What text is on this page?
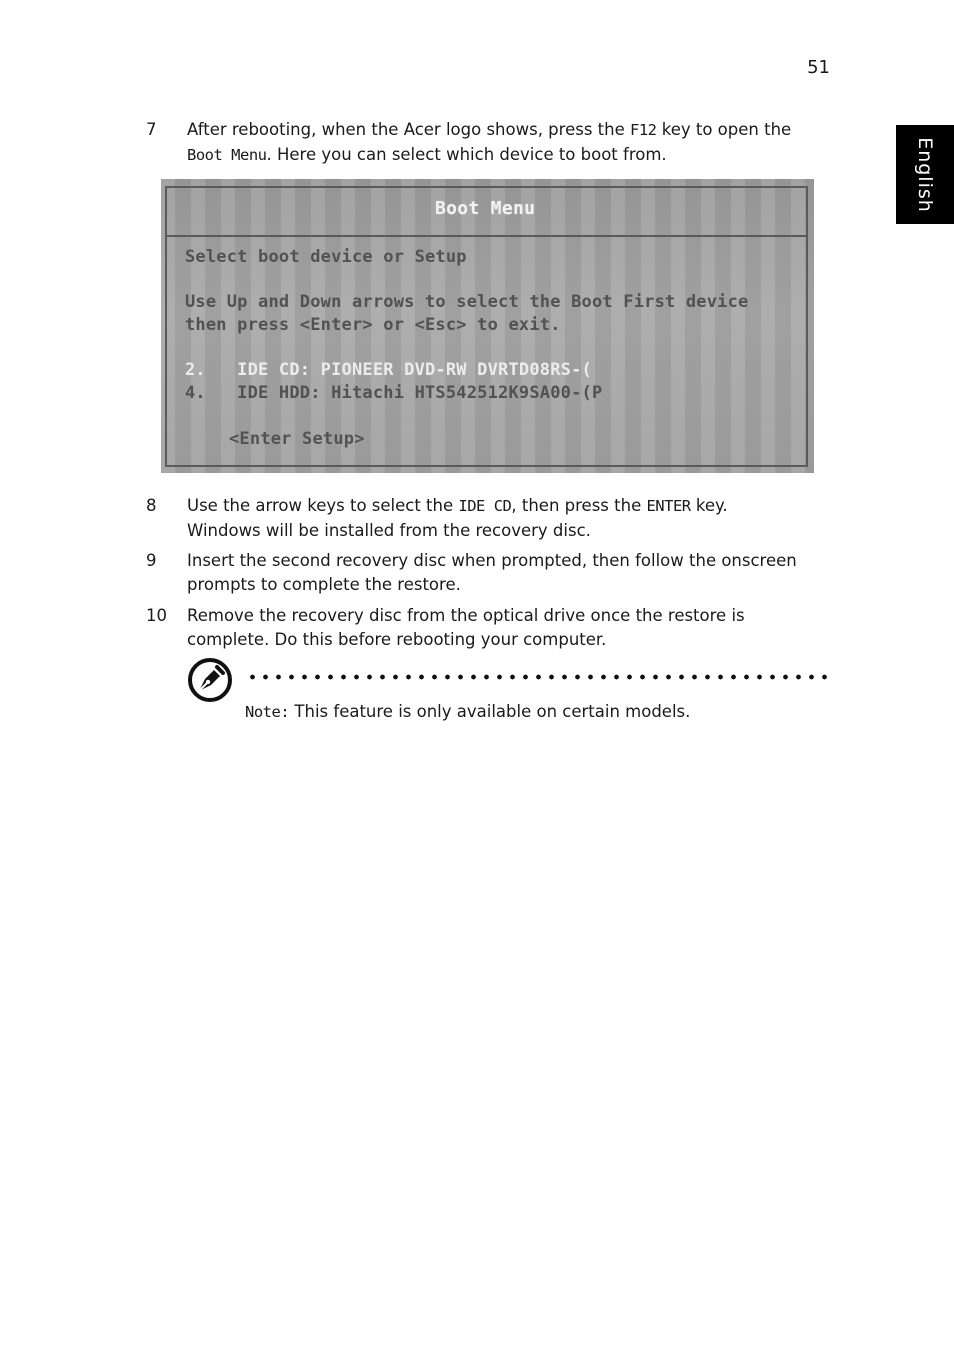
51
English
7	After rebooting, when the Acer logo shows, press the F12 key to open the
Boot Menu. Here you can select which device to boot from.
Boot Menu
Select boot device or Setup
Use Up and Down arrows to select the Boot First device
then press <Enter> or <Esc> to exit.
2.   IDE CD: PIONEER DVD-RW DVRTD08RS-(
4.   IDE HDD: Hitachi HTS542512K9SA00-(P
<Enter Setup>
8	Use the arrow keys to select the IDE CD, then press the ENTER key.
Windows will be installed from the recovery disc.
9	Insert the second recovery disc when prompted, then follow the onscreen
prompts to complete the restore.
10	Remove the recovery disc from the optical drive once the restore is
complete. Do this before rebooting your computer.
Note: This feature is only available on certain models.
